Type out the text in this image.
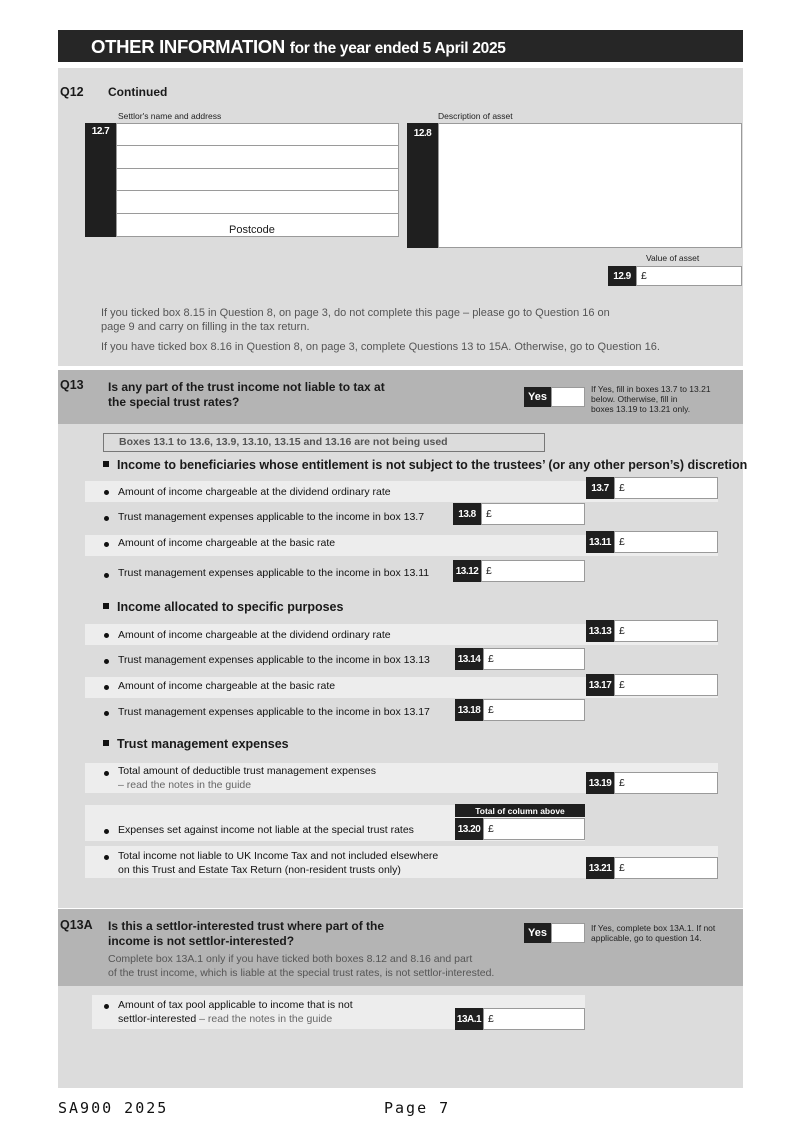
OTHER INFORMATION for the year ended 5 April 2025
Q12 Continued
Settlor's name and address
12.7
Postcode
Description of asset
12.8
Value of asset
12.9 £
If you ticked box 8.15 in Question 8, on page 3, do not complete this page – please go to Question 16 on
page 9 and carry on filling in the tax return.
If you have ticked box 8.16 in Question 8, on page 3, complete Questions 13 to 15A. Otherwise, go to Question 16.
Q13 Is any part of the trust income not liable to tax at
the special trust rates?	Yes
If Yes, fill in boxes 13.7 to 13.21
below. Otherwise, fill in
boxes 13.19 to 13.21 only.
Boxes 13.1 to 13.6, 13.9, 13.10, 13.15 and 13.16 are not being used
Income to beneficiaries whose entitlement is not subject to the trustees’ (or any other person’s) discretion
Amount of income chargeable at the dividend ordinary rate	13.7 £
Trust management expenses applicable to the income in box 13.7	13.8 £
Amount of income chargeable at the basic rate	13.11 £
Trust management expenses applicable to the income in box 13.11	13.12 £
Income allocated to specific purposes
Amount of income chargeable at the dividend ordinary rate	13.13 £
Trust management expenses applicable to the income in box 13.13	13.14 £
Amount of income chargeable at the basic rate	13.17 £
Trust management expenses applicable to the income in box 13.17	13.18 £
Trust management expenses
Total amount of deductible trust management expenses
– read the notes in the guide	13.19 £
Total of column above
Expenses set against income not liable at the special trust rates	13.20 £
Total income not liable to UK Income Tax and not included elsewhere
on this Trust and Estate Tax Return (non-resident trusts only)	13.21 £
Q13A Is this a settlor-interested trust where part of the
income is not settlor-interested?
Complete box 13A.1 only if you have ticked both boxes 8.12 and 8.16 and part
of the trust income, which is liable at the special trust rates, is not settlor-interested.
Yes	If Yes, complete box 13A.1. If not
applicable, go to question 14.
Amount of tax pool applicable to income that is not
settlor-interested – read the notes in the guide	13A.1 £
SA900 2025	Page 7
